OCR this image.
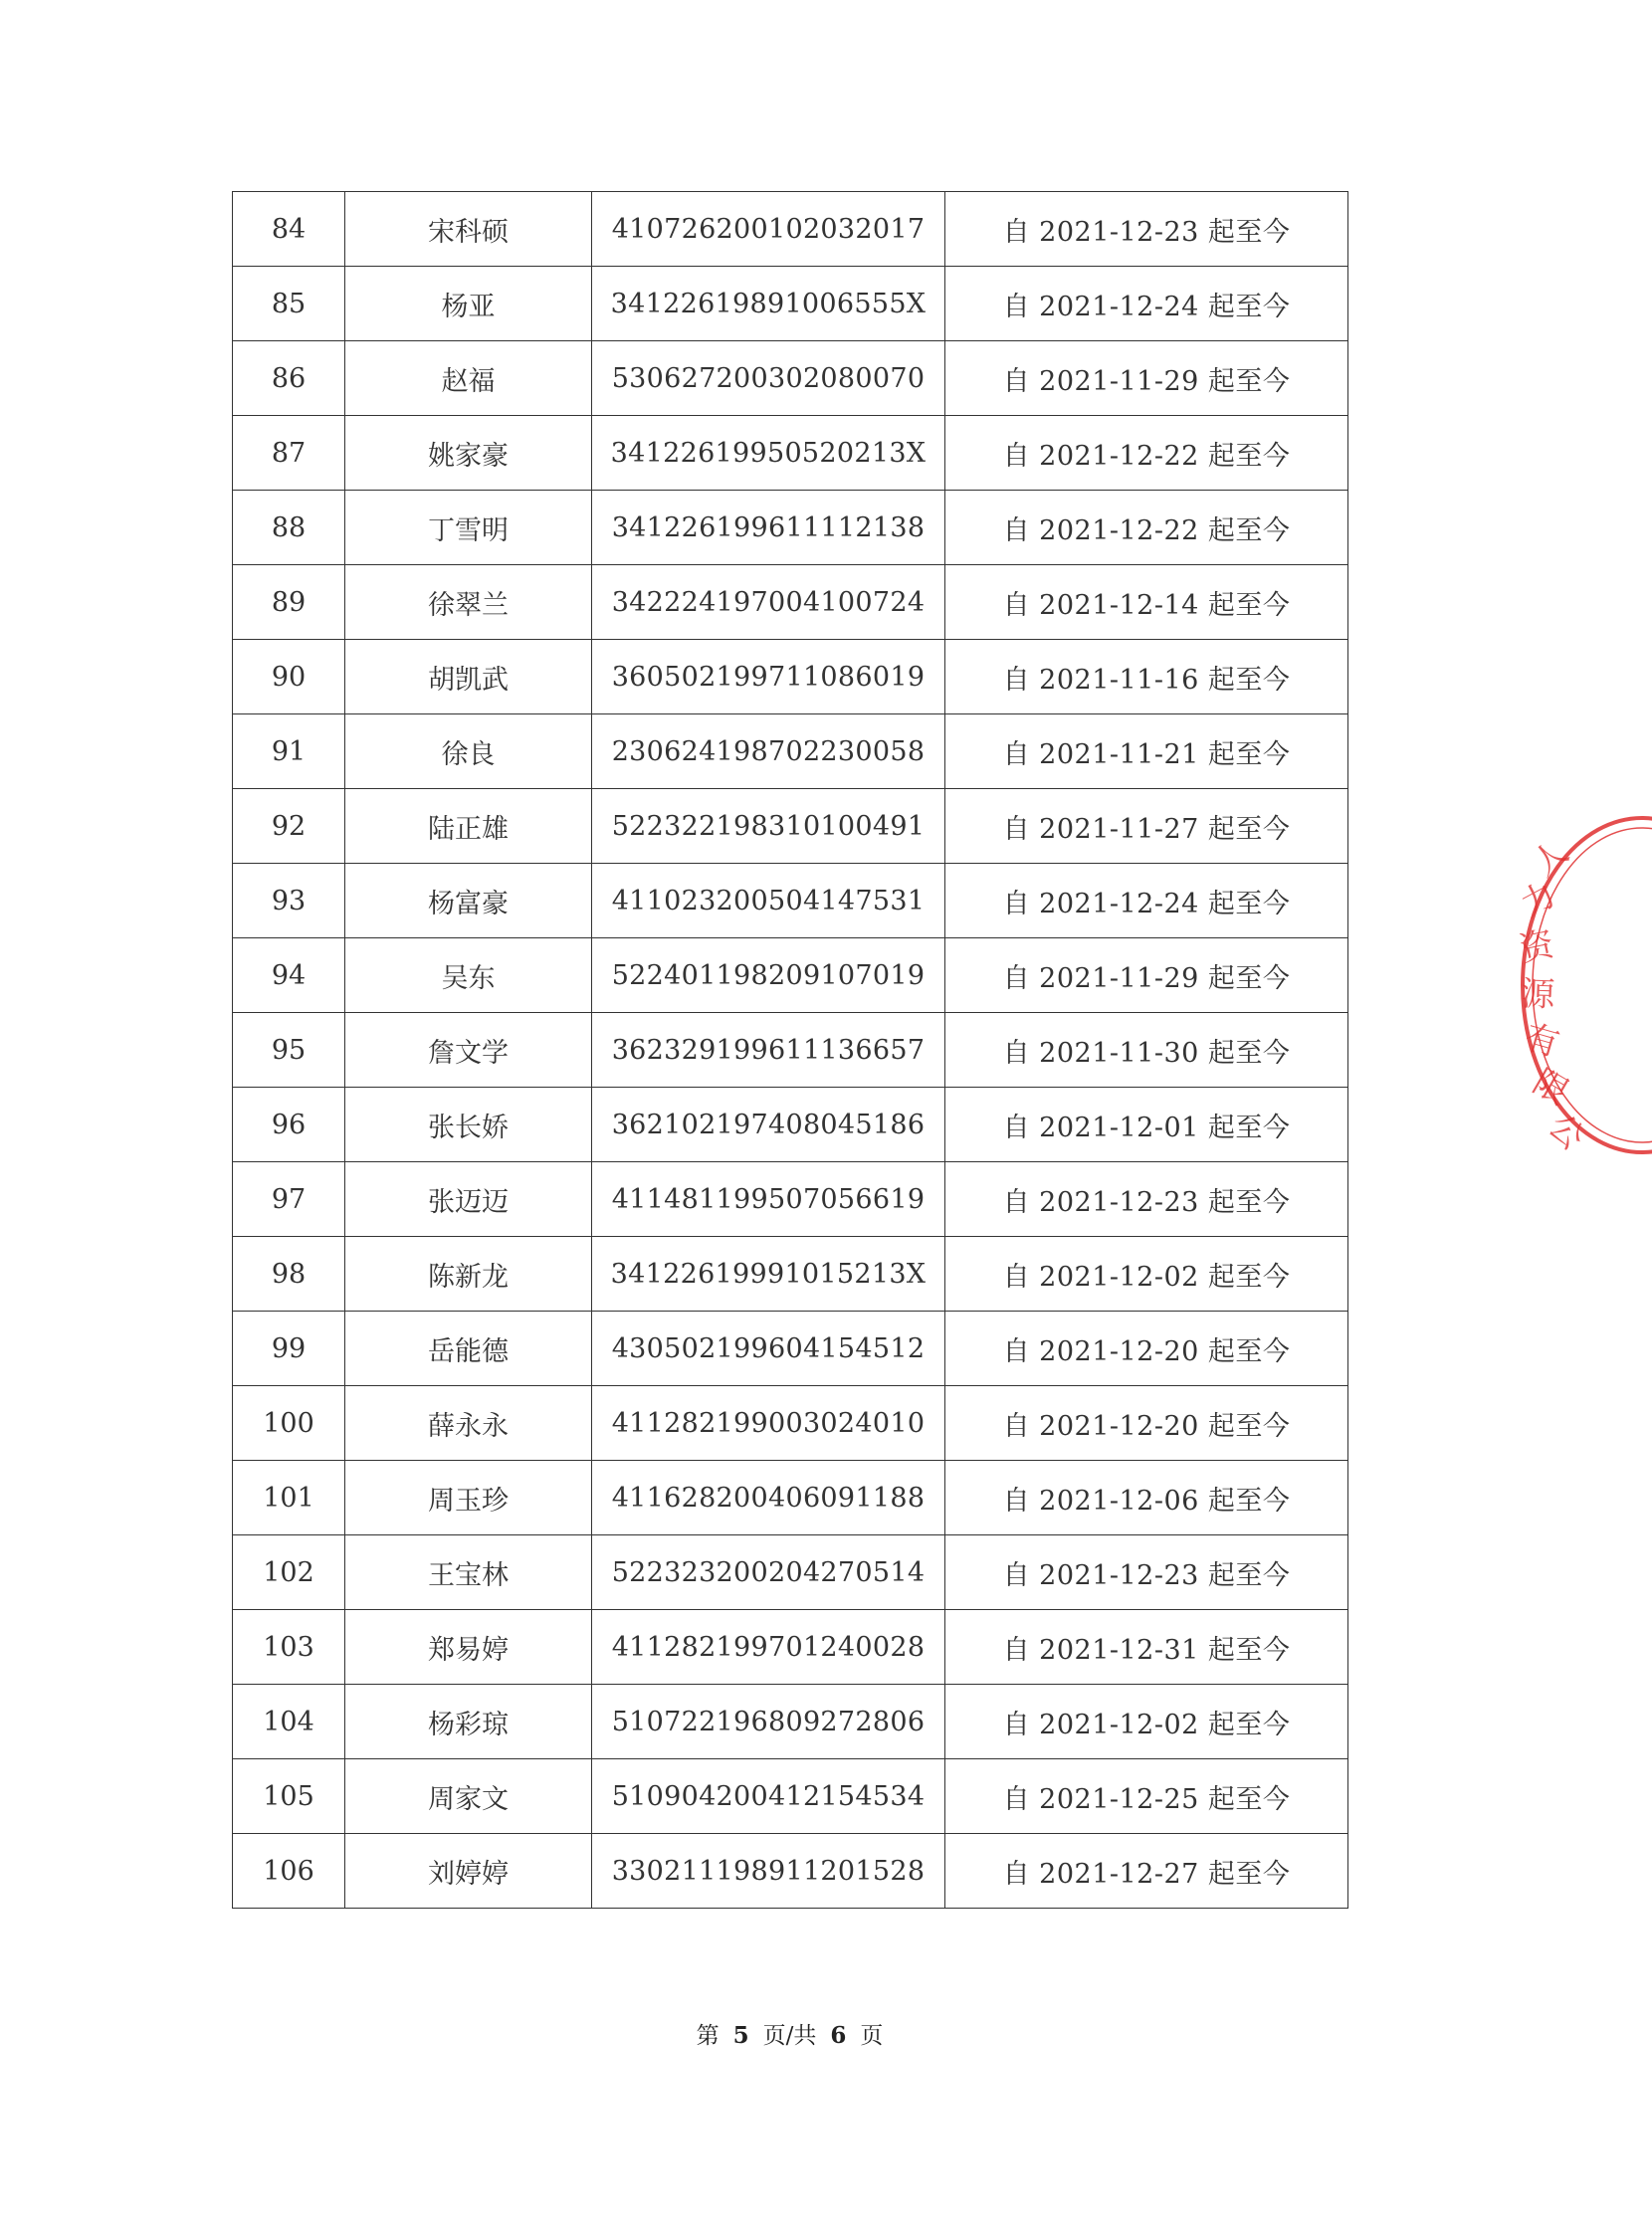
84	宋科硕	410726200102032017	自 2021-12-23 起至今
85	杨亚	34122619891006555X	自 2021-12-24 起至今
86	赵福	530627200302080070	自 2021-11-29 起至今
87	姚家豪	34122619950520213X	自 2021-12-22 起至今
88	丁雪明	341226199611112138	自 2021-12-22 起至今
89	徐翠兰	342224197004100724	自 2021-12-14 起至今
90	胡凯武	360502199711086019	自 2021-11-16 起至今
91	徐良	230624198702230058	自 2021-11-21 起至今
92	陆正雄	522322198310100491	自 2021-11-27 起至今
93	杨富豪	411023200504147531	自 2021-12-24 起至今
94	吴东	522401198209107019	自 2021-11-29 起至今
95	詹文学	362329199611136657	自 2021-11-30 起至今
96	张长娇	362102197408045186	自 2021-12-01 起至今
97	张迈迈	411481199507056619	自 2021-12-23 起至今
98	陈新龙	34122619991015213X	自 2021-12-02 起至今
99	岳能德	430502199604154512	自 2021-12-20 起至今
100	薛永永	411282199003024010	自 2021-12-20 起至今
101	周玉珍	411628200406091188	自 2021-12-06 起至今
102	王宝林	522323200204270514	自 2021-12-23 起至今
103	郑易婷	411282199701240028	自 2021-12-31 起至今
104	杨彩琼	510722196809272806	自 2021-12-02 起至今
105	周家文	510904200412154534	自 2021-12-25 起至今
106	刘婷婷	330211198911201528	自 2021-12-27 起至今
第 5 页/共 6 页
人
力
资
源
有
限
公
